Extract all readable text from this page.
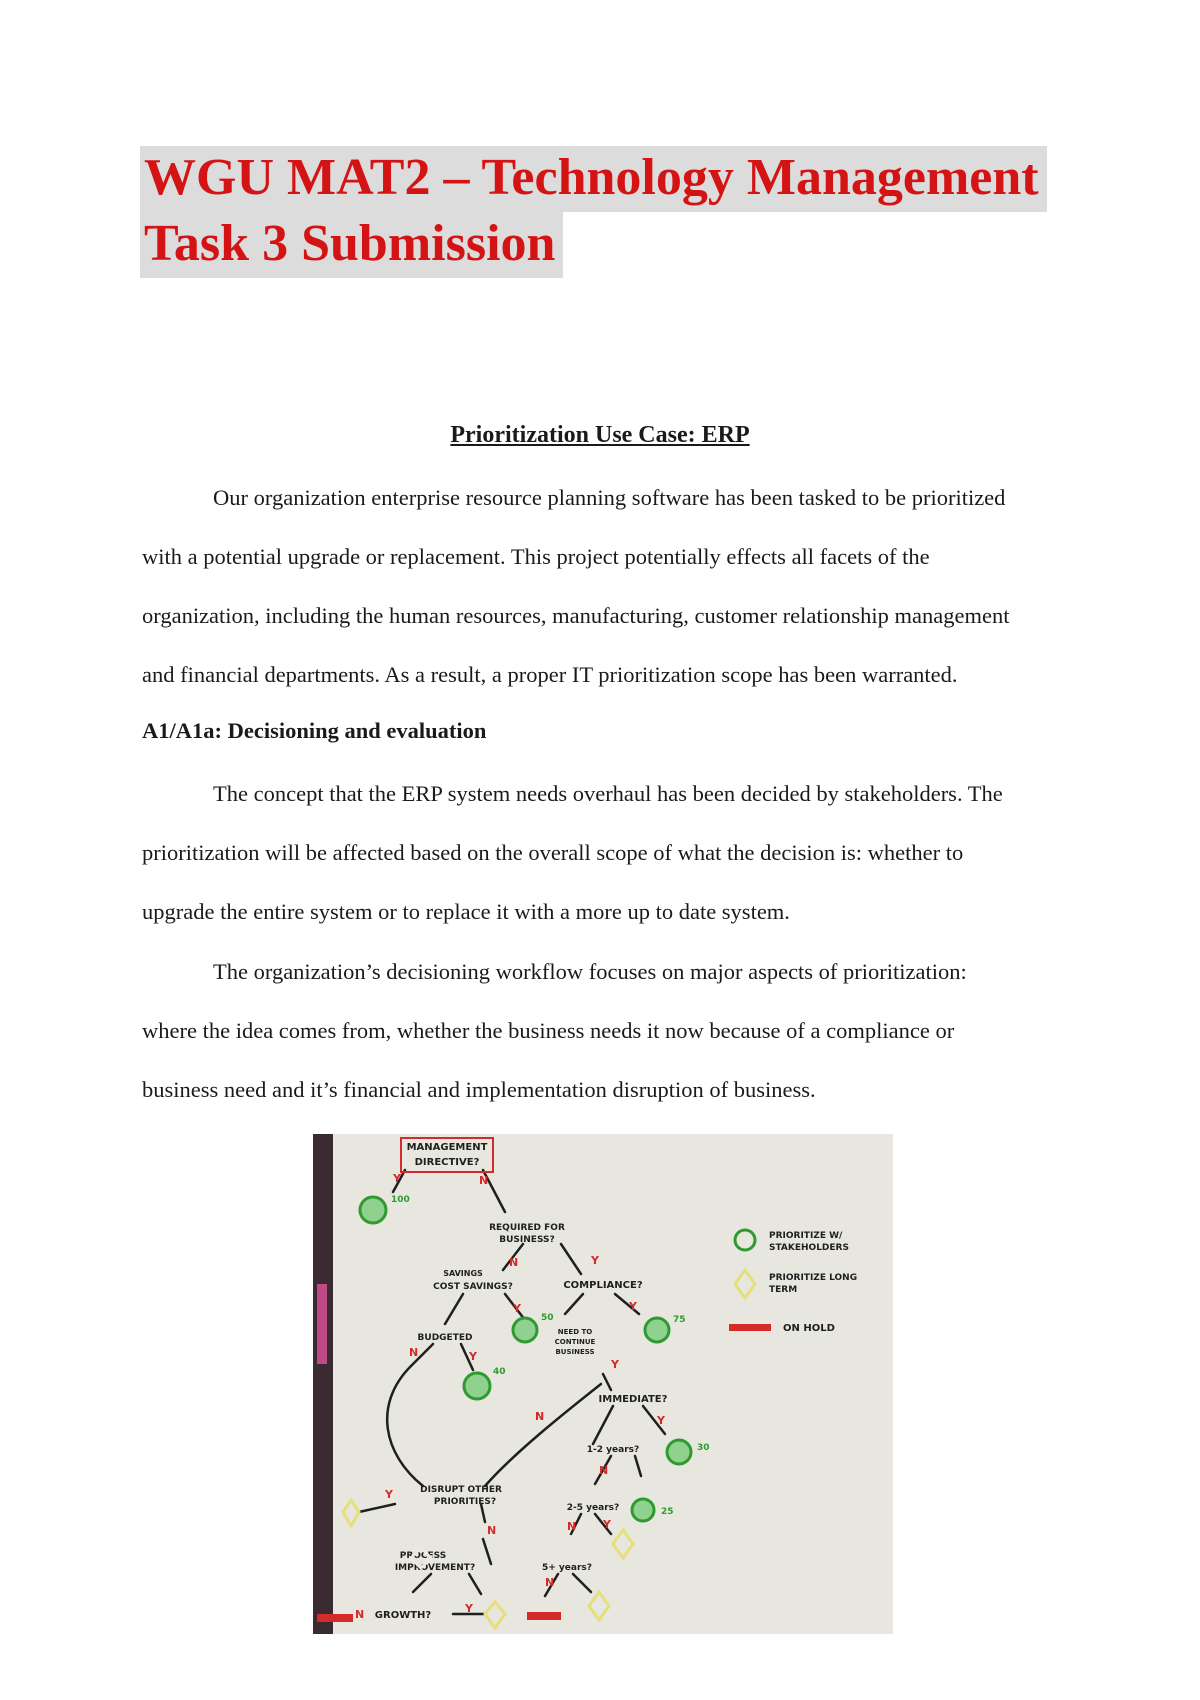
WGU MAT2 – Technology Management
Task 3 Submission
Prioritization Use Case: ERP

Our organization enterprise resource planning software has been tasked to be prioritized
with a potential upgrade or replacement. This project potentially effects all facets of the
organization, including the human resources, manufacturing, customer relationship management
and financial departments. As a result, a proper IT prioritization scope has been warranted.

A1/A1a: Decisioning and evaluation

The concept that the ERP system needs overhaul has been decided by stakeholders. The
prioritization will be affected based on the overall scope of what the decision is: whether to
upgrade the entire system or to replace it with a more up to date system.

The organization’s decisioning workflow focuses on major aspects of prioritization:
where the idea comes from, whether the business needs it now because of a compliance or
business need and it’s financial and implementation disruption of business.

MANAGEMENT
DIRECTIVE?
REQUIRED FOR
BUSINESS?
SAVINGS
COST SAVINGS?	COMPLIANCE?
BUDGETED
NEED TO
CONTINUE
BUSINESS
IMMEDIATE?
1-2 years?
2-5 years?
5+ years?
DISRUPT OTHER
PRIORITIES?
PROCESS
IMPROVEMENT?
GROWTH?
Y	N
N	Y
Y	Y
N	Y
Y
N	Y
N
Y
N	N Y
N
N	Y
100
50	75
40
30
25
PRIORITIZE W/
STAKEHOLDERS
PRIORITIZE LONG
TERM
ON HOLD
